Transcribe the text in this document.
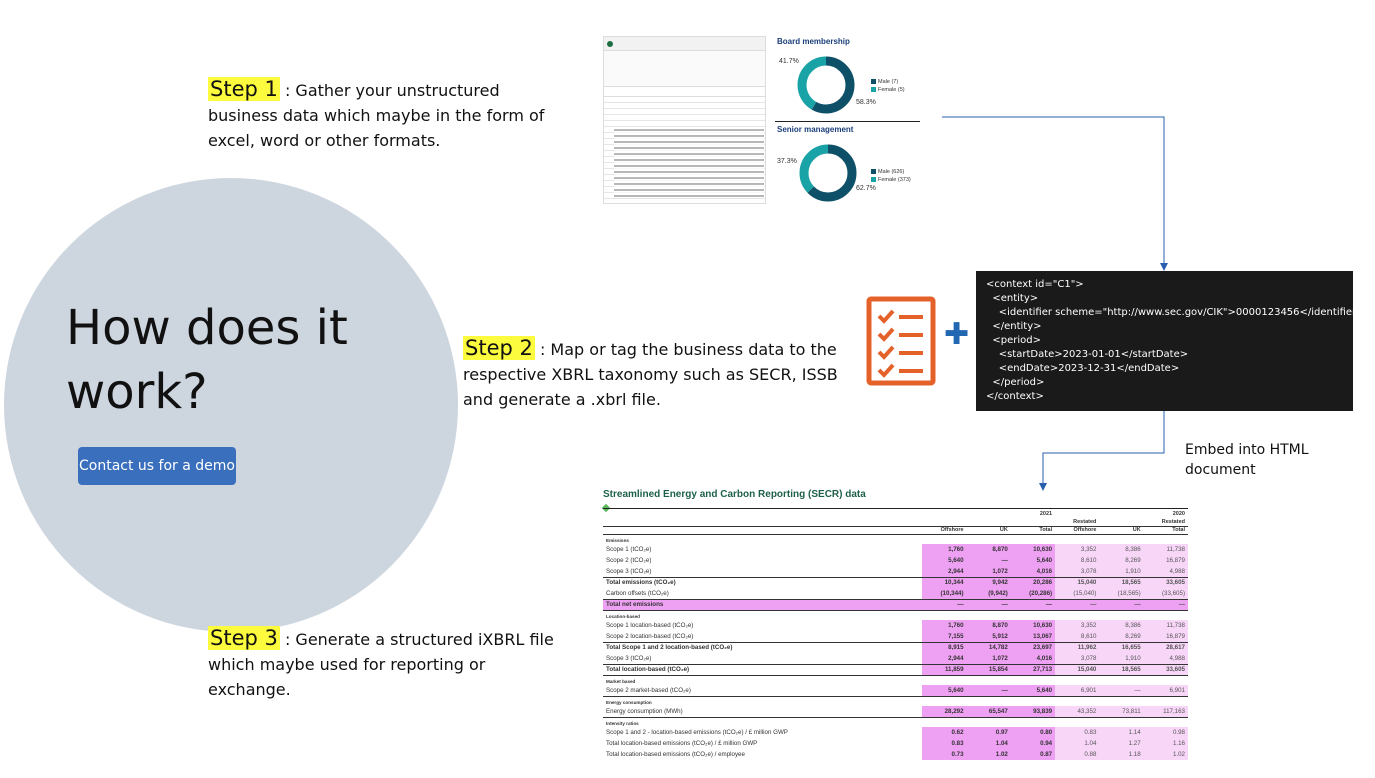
How does it work?
Contact us for a demo
Step 1 : Gather your unstructured business data which maybe in the form of excel, word or other formats.
Step 2 : Map or tag the business data to the respective XBRL taxonomy such as SECR, ISSB and generate a .xbrl file.
Step 3 : Generate a structured iXBRL file which maybe used for reporting or exchange.
Board membership
41.7%
58.3%
Male (7)
Female (5)
Senior management
37.3%
62.7%
Male (626)
Female (373)
✚
<context id="C1">
<entity>
<identifier scheme="http://www.sec.gov/CIK">0000123456</identifier>
</entity>
<period>
<startDate>2023-01-01</startDate>
<endDate>2023-12-31</endDate>
</period>
</context>
Embed into HTML document
Streamlined Energy and Carbon Reporting (SECR) data
			2021			2020
				Restated		Restated
	Offshore	UK	Total	Offshore	UK	Total
Emissions						
Scope 1 (tCO₂e)	1,760	8,870	10,630	3,352	8,386	11,738
Scope 2 (tCO₂e)	5,640	—	5,640	8,610	8,269	16,879
Scope 3 (tCO₂e)	2,944	1,072	4,016	3,078	1,910	4,988
Total emissions (tCO₂e)	10,344	9,942	20,286	15,040	18,565	33,605
Carbon offsets (tCO₂e)	(10,344)	(9,942)	(20,286)	(15,040)	(18,565)	(33,605)
Total net emissions	—	—	—	—	—	—
Location-based						
Scope 1 location-based (tCO₂e)	1,760	8,870	10,630	3,352	8,386	11,738
Scope 2 location-based (tCO₂e)	7,155	5,912	13,067	8,610	8,269	16,879
Total Scope 1 and 2 location-based (tCO₂e)	8,915	14,782	23,697	11,962	16,655	28,617
Scope 3 (tCO₂e)	2,944	1,072	4,016	3,078	1,910	4,988
Total location-based (tCO₂e)	11,859	15,854	27,713	15,040	18,565	33,605
Market based						
Scope 2 market-based (tCO₂e)	5,640	—	5,640	6,901	—	6,901
Energy consumption						
Energy consumption (MWh)	28,292	65,547	93,839	43,352	73,811	117,163
Intensity ratios						
Scope 1 and 2 - location-based emissions (tCO₂e) / £ million GWP	0.62	0.97	0.80	0.83	1.14	0.98
Total location-based emissions (tCO₂e) / £ million GWP	0.83	1.04	0.94	1.04	1.27	1.16
Total location-based emissions (tCO₂e) / employee	0.73	1.02	0.87	0.88	1.18	1.02
